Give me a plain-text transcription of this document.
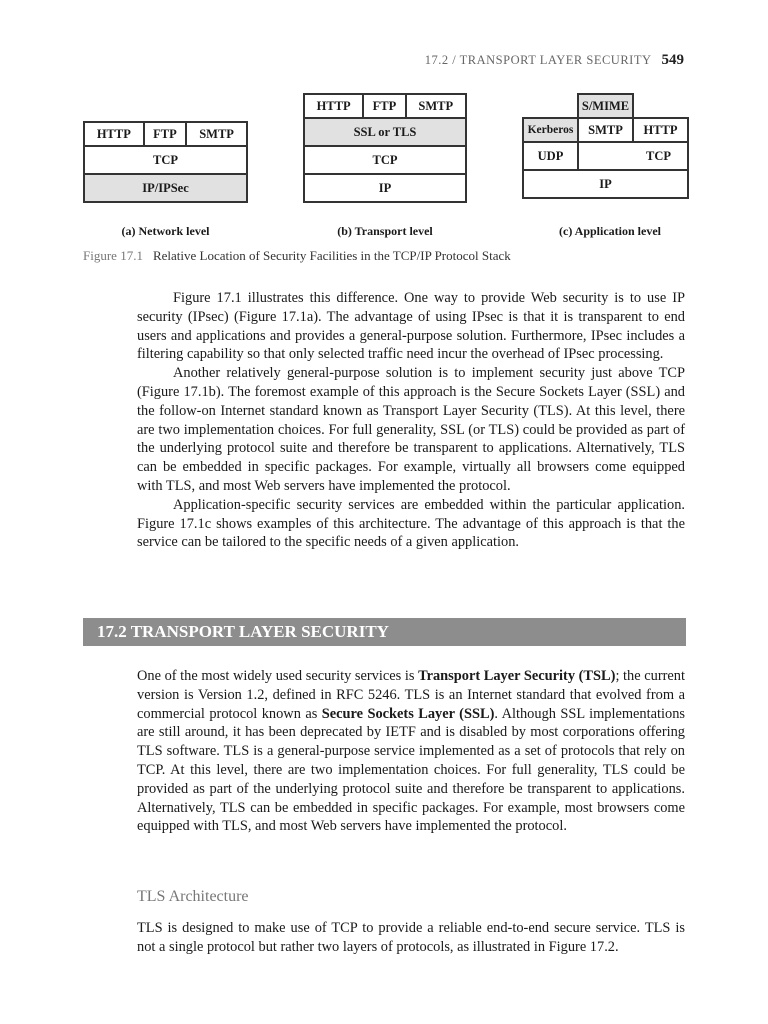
17.2 / TRANSPORT LAYER SECURITY 549
HTTP	FTP	SMTP
TCP
IP/IPSec
(a) Network level
HTTP	FTP	SMTP
SSL or TLS
TCP
IP
(b) Transport level
	S/MIME	
Kerberos	SMTP	HTTP
UDP	TCP	
IP		
(c) Application level
Figure 17.1 Relative Location of Security Facilities in the TCP/IP Protocol Stack

Figure 17.1 illustrates this difference. One way to provide Web security is to use IP security (IPsec) (Figure 17.1a). The advantage of using IPsec is that it is transparent to end users and applications and provides a general-purpose solution. Furthermore, IPsec includes a filtering capability so that only selected traffic need incur the overhead of IPsec processing.

Another relatively general-purpose solution is to implement security just above TCP (Figure 17.1b). The foremost example of this approach is the Secure Sockets Layer (SSL) and the follow-on Internet standard known as Transport Layer Security (TLS). At this level, there are two implementation choices. For full generality, SSL (or TLS) could be provided as part of the underlying protocol suite and therefore be transparent to applications. Alternatively, TLS can be embedded in specific packages. For example, virtually all browsers come equipped with TLS, and most Web servers have implemented the protocol.

Application-specific security services are embedded within the particular application. Figure 17.1c shows examples of this architecture. The advantage of this approach is that the service can be tailored to the specific needs of a given application.

17.2 TRANSPORT LAYER SECURITY

One of the most widely used security services is Transport Layer Security (TSL); the current version is Version 1.2, defined in RFC 5246. TLS is an Internet standard that evolved from a commercial protocol known as Secure Sockets Layer (SSL). Although SSL implementations are still around, it has been deprecated by IETF and is disabled by most corporations offering TLS software. TLS is a general-purpose service implemented as a set of protocols that rely on TCP. At this level, there are two implementation choices. For full generality, TLS could be provided as part of the underlying protocol suite and therefore be transparent to applications. Alternatively, TLS can be embedded in specific packages. For example, most browsers come equipped with TLS, and most Web servers have implemented the protocol.

TLS Architecture

TLS is designed to make use of TCP to provide a reliable end-to-end secure service. TLS is not a single protocol but rather two layers of protocols, as illustrated in Figure 17.2.
